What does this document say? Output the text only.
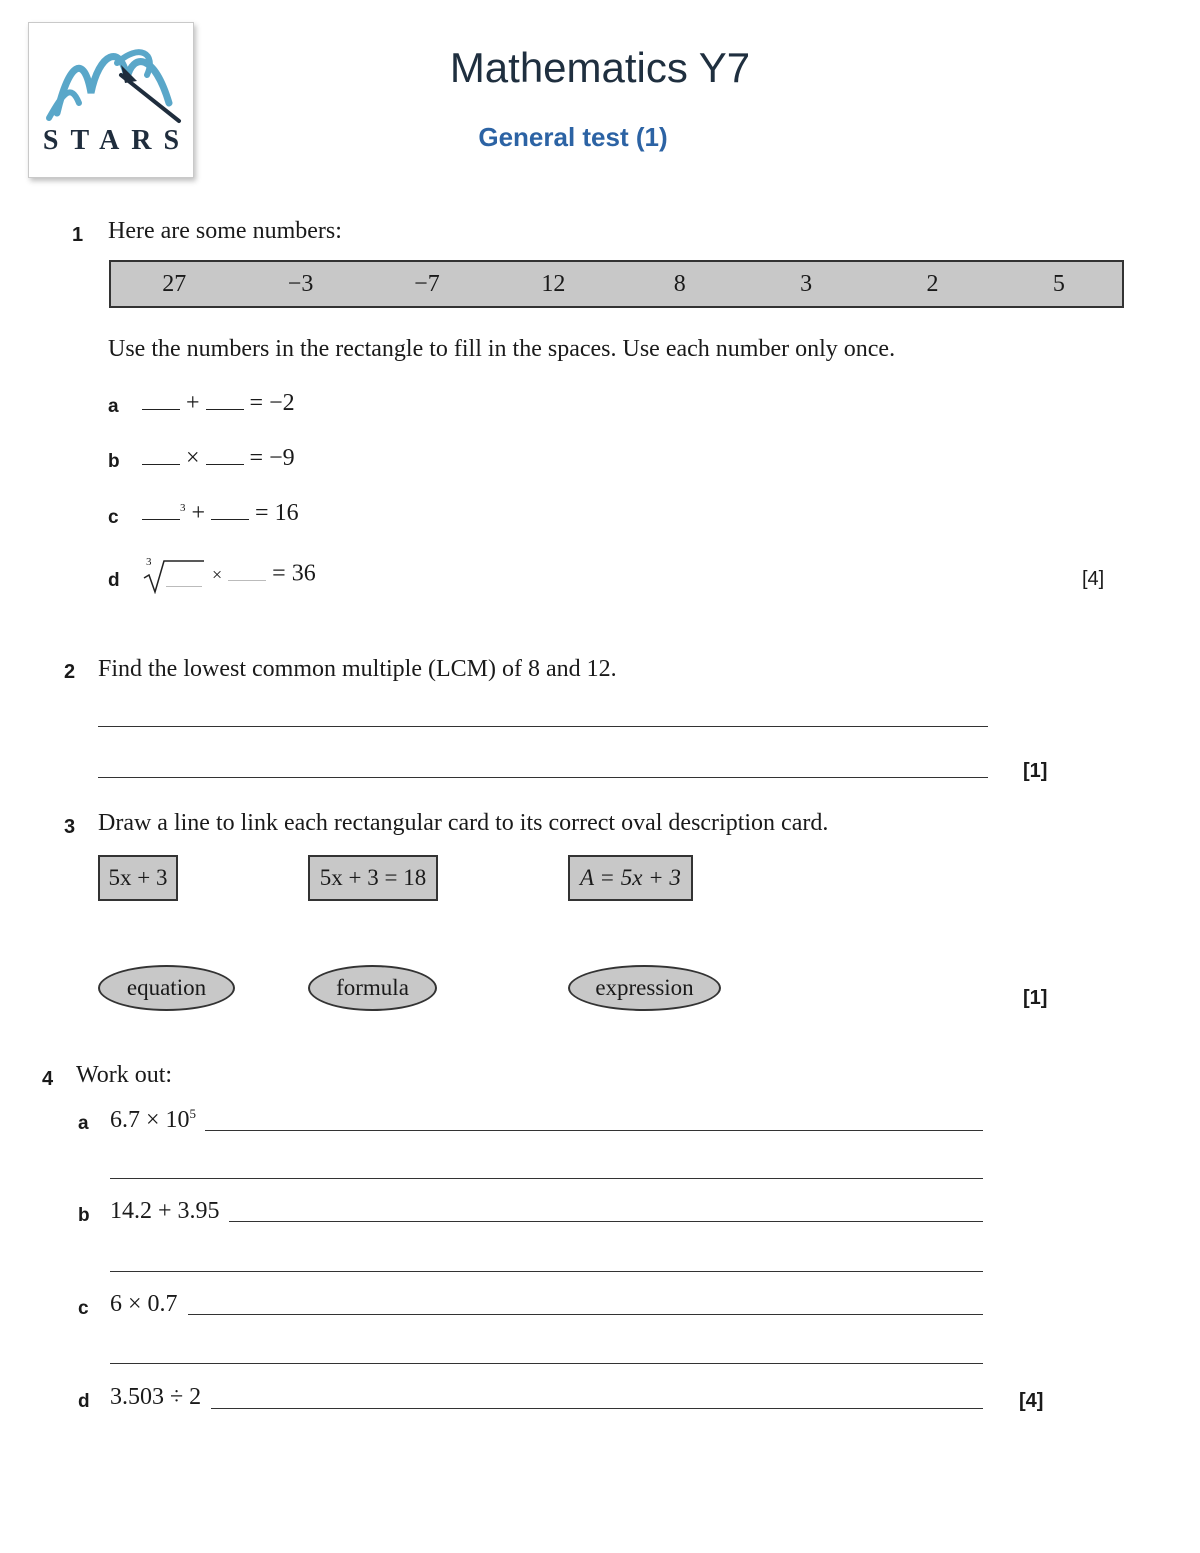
STARS
Mathematics Y7
General test (1)
1 Here are some numbers:
27	−3	−7	12	8	3	2	5
Use the numbers in the rectangle to fill in the spaces. Use each number only once.
a	+ = −2
b	× = −9
c	$^3$ + = 16
d
3
× = 36	[4]
2 Find the lowest common multiple (LCM) of 8 and 12.
[1]
3 Draw a line to link each rectangular card to its correct oval description card.
5x + 3	5x + 3 = 18	A = 5x + 3
equation	formula	expression	[1]
4 Work out:
a $6.7 \times 10^5$
b 14.2 + 3.95
c 6 × 0.7
d 3.503 ÷ 2	[4]
